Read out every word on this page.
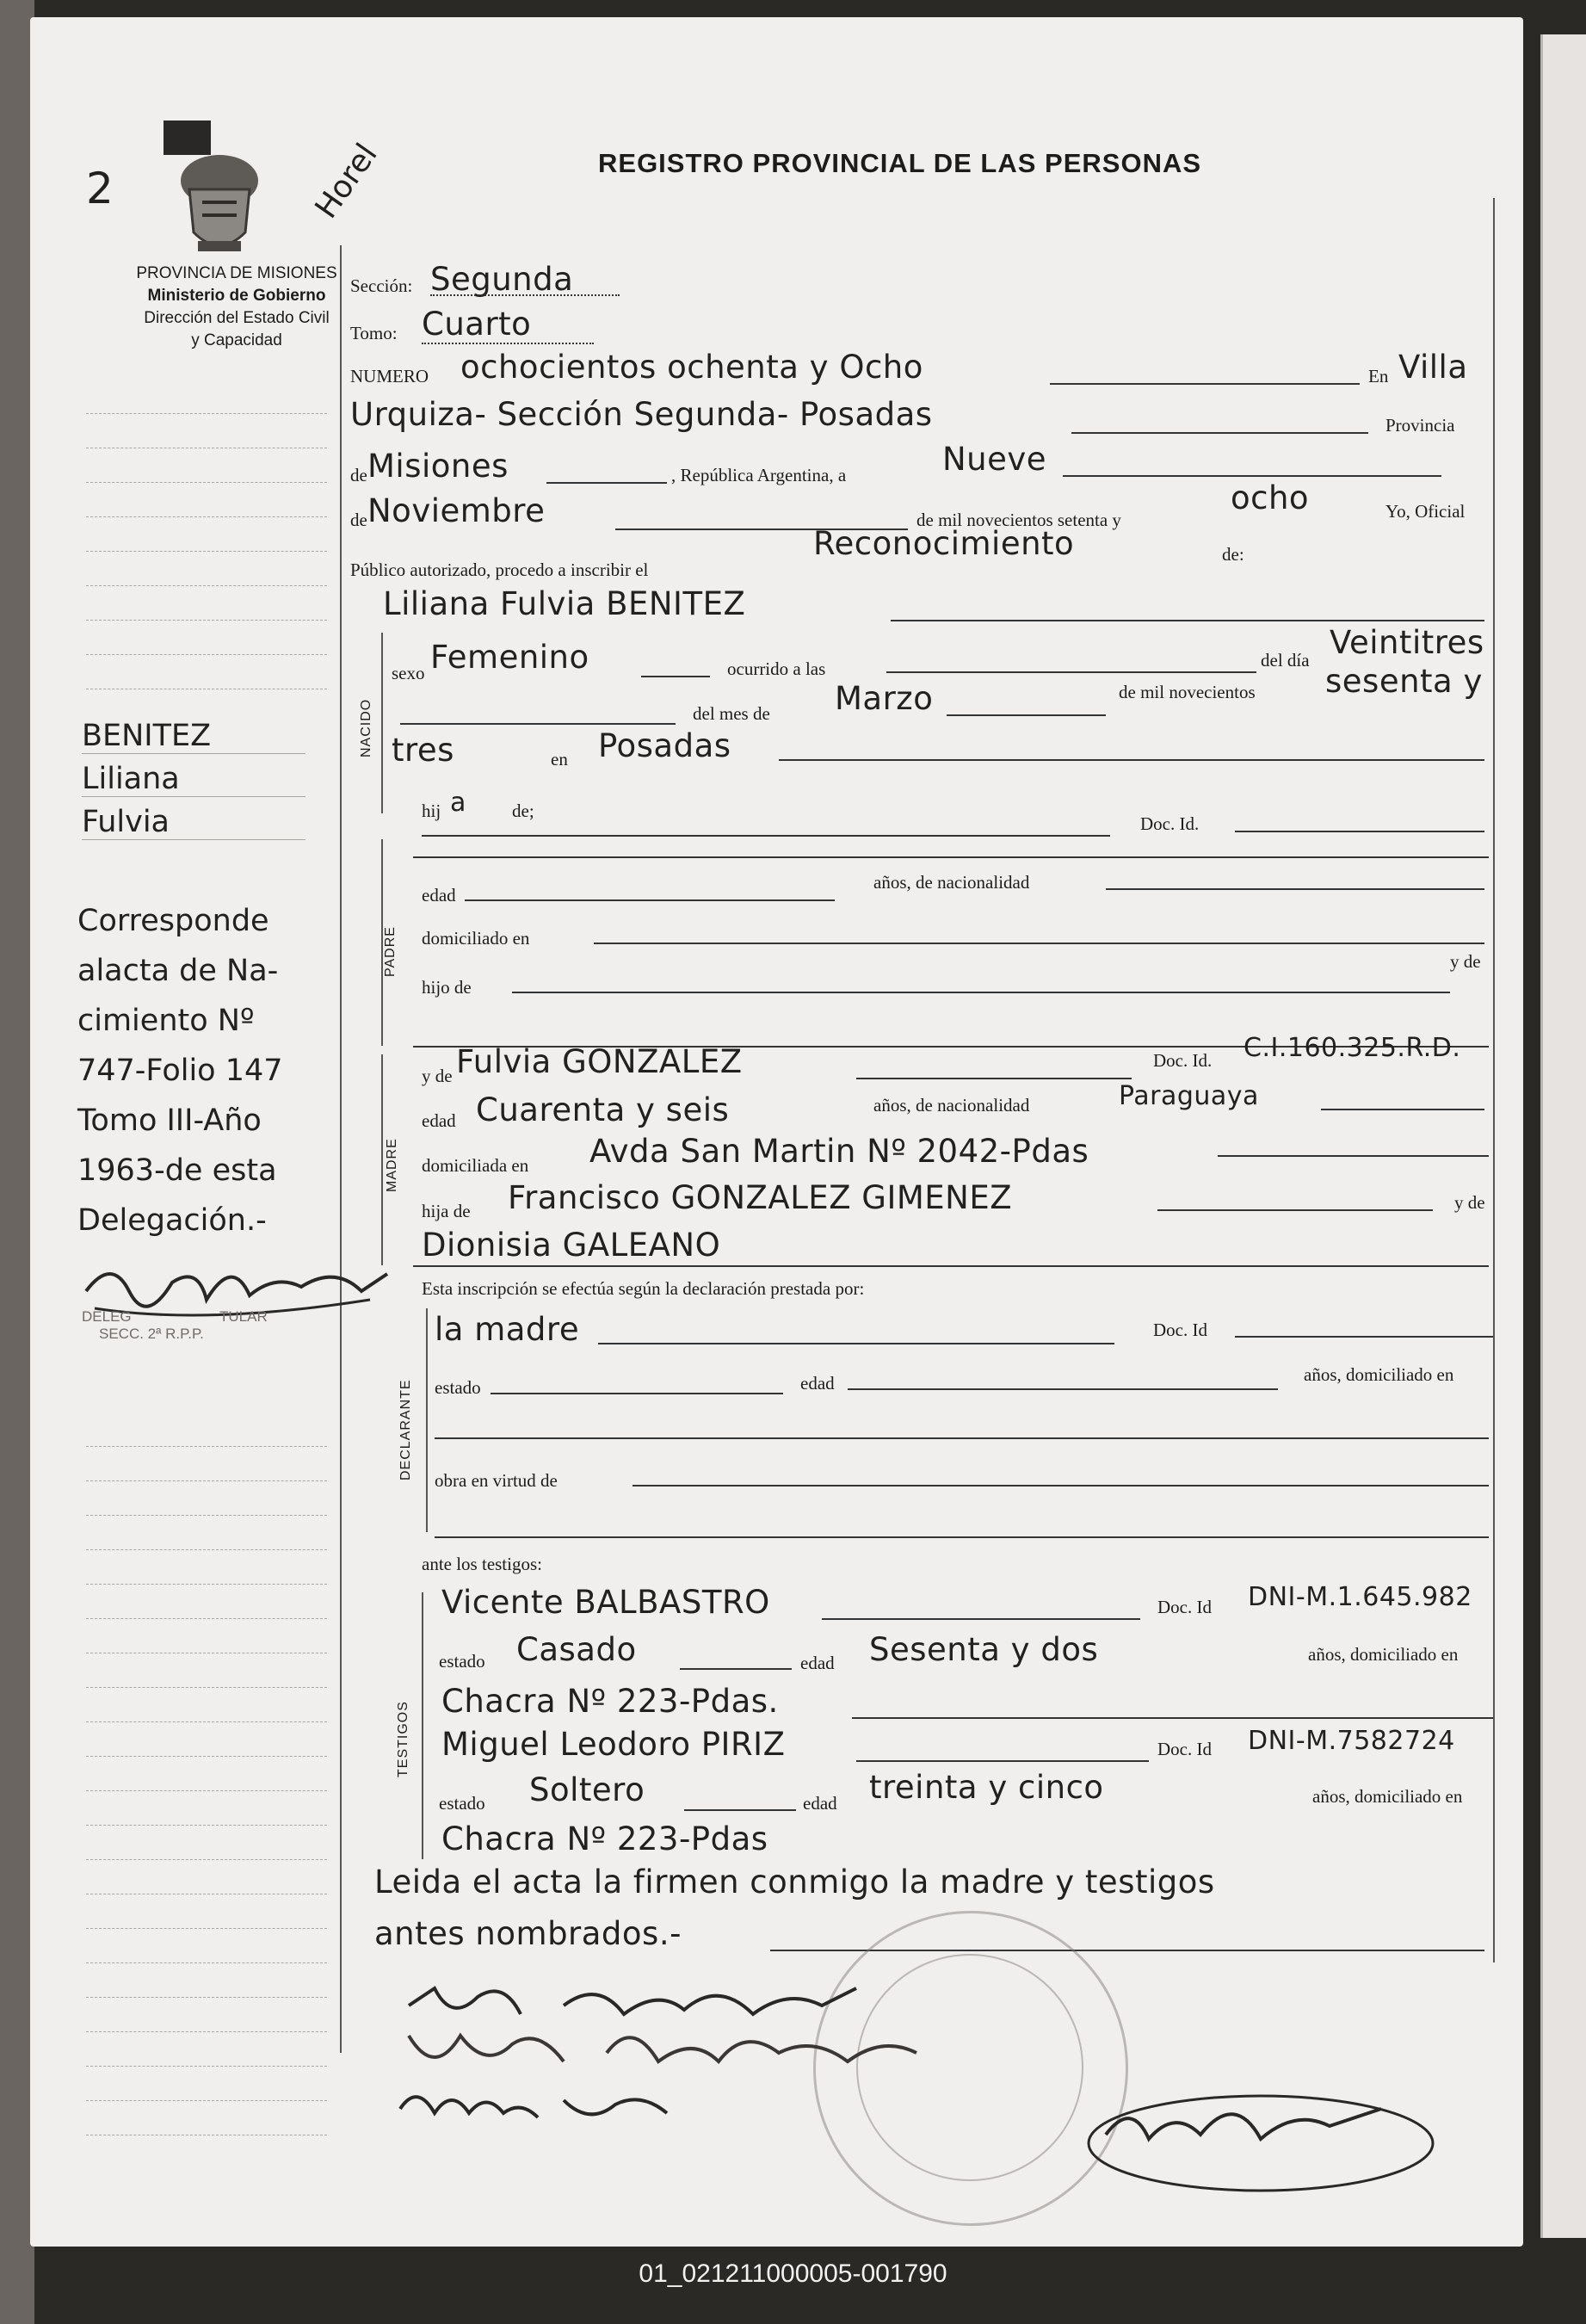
2	Horel
PROVINCIA DE MISIONES
Ministerio de Gobierno
Dirección del Estado Civil
y Capacidad
REGISTRO PROVINCIAL DE LAS PERSONAS
BENITEZ
Liliana
Fulvia
Corresponde
alacta de Na-
cimiento Nº
747-Folio 147
Tomo III-Año
1963-de esta
Delegación.-
DELEG	TULAR
SECC. 2ª R.P.P.
Sección: Segunda
Tomo: Cuarto
NUMERO ochocientos ochenta y Ocho	En Villa
Urquiza- Sección Segunda- Posadas	Provincia
de Misiones	, República Argentina, a	Nueve
de Noviembre	de mil novecientos setenta y
ocho	Yo, Oficial
Público autorizado, procedo a inscribir el
Reconocimiento	de:
Liliana Fulvia BENITEZ
NACIDO
sexo Femenino	ocurrido a las	del día Veintitres
del mes de Marzo	de mil novecientos sesenta y
tres	en Posadas
hij a	de;
Doc. Id.
PADRE
edad
años, de nacionalidad
domiciliado en
y de
hijo de
MADRE
y de Fulvia GONZALEZ	Doc. Id. C.I.160.325.R.D.
edad Cuarenta y seis	años, de nacionalidad	Paraguaya
domiciliada en Avda San Martin Nº 2042-Pdas
hija de Francisco GONZALEZ GIMENEZ	y de
Dionisia GALEANO
Esta inscripción se efectúa según la declaración prestada por:
DECLARANTE
la madre	Doc. Id
estado	edad	años, domiciliado en
obra en virtud de
ante los testigos:
TESTIGOS
Vicente BALBASTRO	Doc. Id DNI-M.1.645.982
estado Casado	edad Sesenta y dos	años, domiciliado en
Chacra Nº 223-Pdas.
Miguel Leodoro PIRIZ	Doc. Id DNI-M.7582724
estado Soltero	edad treinta y cinco	años, domiciliado en
Chacra Nº 223-Pdas
Leida el acta la firmen conmigo la madre y testigos
antes nombrados.-
01_021211000005-001790
